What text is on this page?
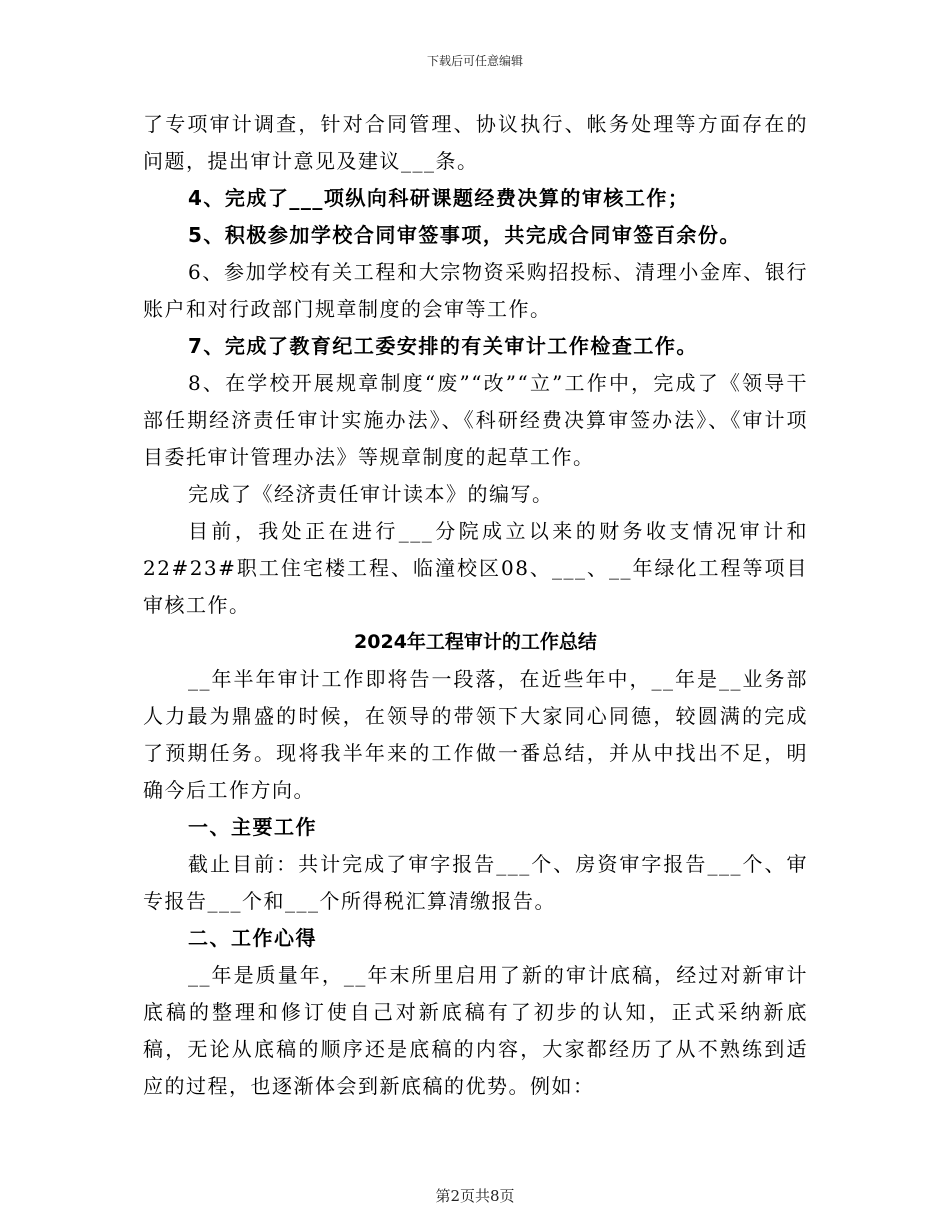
下载后可任意编辑

了专项审计调查，针对合同管理、协议执行、帐务处理等方面存在的问题，提出审计意见及建议___条。

4、完成了___项纵向科研课题经费决算的审核工作；

5、积极参加学校合同审签事项，共完成合同审签百余份。

6、参加学校有关工程和大宗物资采购招投标、清理小金库、银行账户和对行政部门规章制度的会审等工作。

7、完成了教育纪工委安排的有关审计工作检查工作。

8、在学校开展规章制度“废”“改”“立”工作中，完成了《领导干部任期经济责任审计实施办法》、《科研经费决算审签办法》、《审计项目委托审计管理办法》等规章制度的起草工作。

完成了《经济责任审计读本》的编写。

目前，我处正在进行___分院成立以来的财务收支情况审计和22#23#职工住宅楼工程、临潼校区08、___、__年绿化工程等项目审核工作。

2024年工程审计的工作总结

__年半年审计工作即将告一段落，在近些年中，__年是__业务部人力最为鼎盛的时候，在领导的带领下大家同心同德，较圆满的完成了预期任务。现将我半年来的工作做一番总结，并从中找出不足，明确今后工作方向。

一、主要工作

截止目前：共计完成了审字报告___个、房资审字报告___个、审专报告___个和___个所得税汇算清缴报告。

二、工作心得

__年是质量年，__年末所里启用了新的审计底稿，经过对新审计底稿的整理和修订使自己对新底稿有了初步的认知，正式采纳新底稿，无论从底稿的顺序还是底稿的内容，大家都经历了从不熟练到适应的过程，也逐渐体会到新底稿的优势。例如：

第2页共8页
